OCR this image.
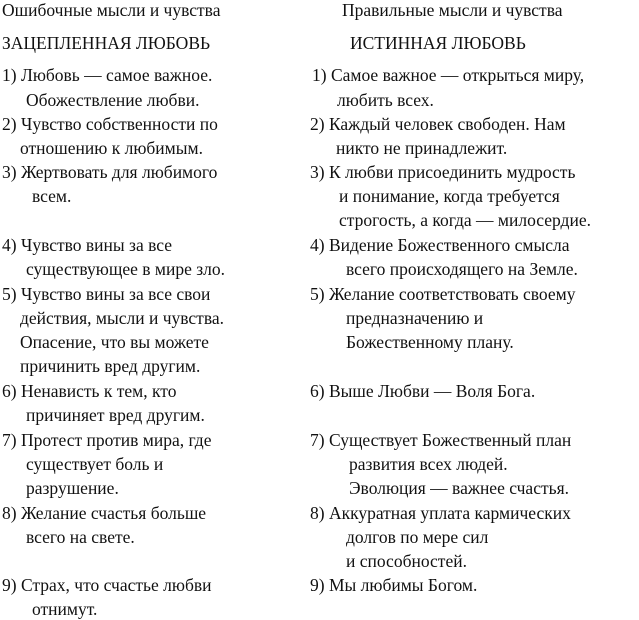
Ошибочные мысли и чувства
ЗАЦЕПЛЕННАЯ ЛЮБОВЬ
1) Любовь — самое важное.
Обожествление любви.
2) Чувство собственности по
отношению к любимым.
3) Жертвовать для любимого
всем.
4) Чувство вины за все
существующее в мире зло.
5) Чувство вины за все свои
действия, мысли и чувства.
Опасение, что вы можете
причинить вред другим.
6) Ненависть к тем, кто
причиняет вред другим.
7) Протест против мира, где
существует боль и
разрушение.
8) Желание счастья больше
всего на свете.
9) Страх, что счастье любви
отнимут.
Правильные мысли и чувства
ИСТИННАЯ ЛЮБОВЬ
1) Самое важное — открыться миру,
любить всех.
2) Каждый человек свободен. Нам
никто не принадлежит.
3) К любви присоединить мудрость
и понимание, когда требуется
строгость, а когда — милосердие.
4) Видение Божественного смысла
всего происходящего на Земле.
5) Желание соответствовать своему
предназначению и
Божественному плану.
6) Выше Любви — Воля Бога.
7) Существует Божественный план
развития всех людей.
Эволюция — важнее счастья.
8) Аккуратная уплата кармических
долгов по мере сил
и способностей.
9) Мы любимы Богом.
